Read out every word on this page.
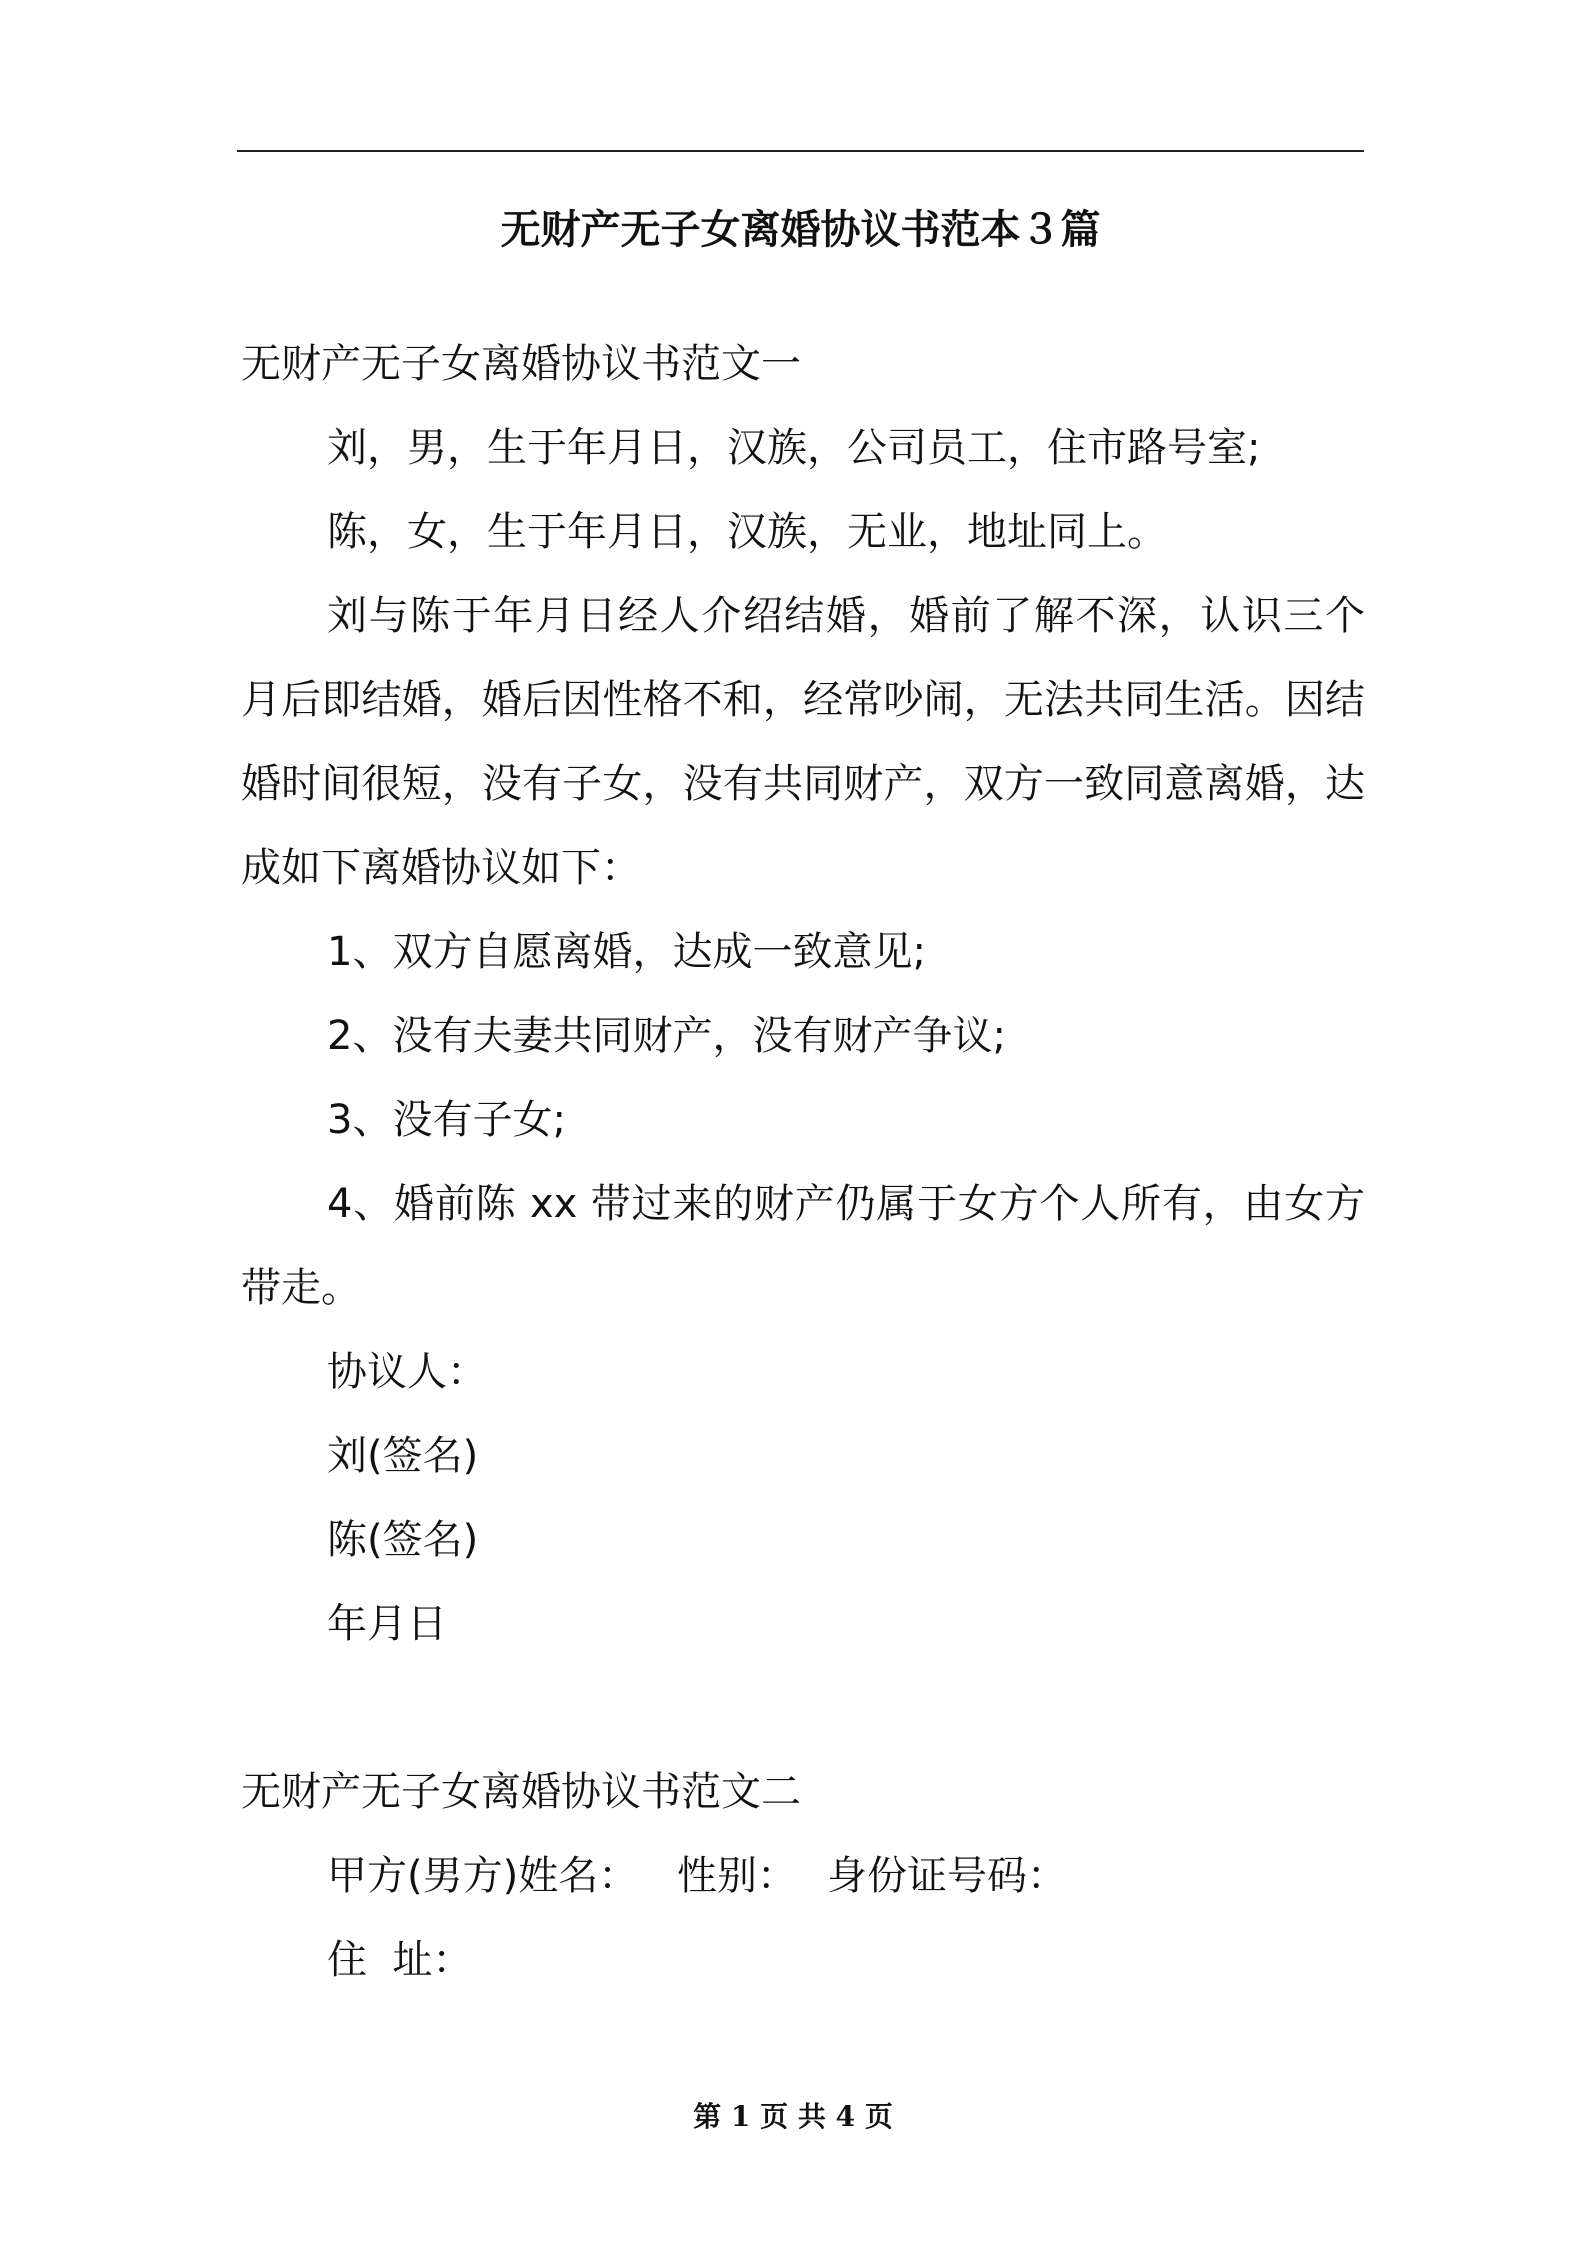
无财产无子女离婚协议书范本３篇
无财产无子女离婚协议书范文一
刘，男，生于年月日，汉族，公司员工，住市路号室;
陈，女，生于年月日，汉族，无业，地址同上。

刘与陈于年月日经人介绍结婚，婚前了解不深，认识三个月后即结婚，婚后因性格不和，经常吵闹，无法共同生活。因结婚时间很短，没有子女，没有共同财产，双方一致同意离婚，达成如下离婚协议如下：

1、双方自愿离婚，达成一致意见;
2、没有夫妻共同财产，没有财产争议;
3、没有子女;

4、婚前陈 xx 带过来的财产仍属于女方个人所有，由女方带走。

协议人：
刘(签名)
陈(签名)
年月日
无财产无子女离婚协议书范文二
甲方(男方)姓名： 性别： 身份证号码：
住  址：
第 1 页 共 4 页
